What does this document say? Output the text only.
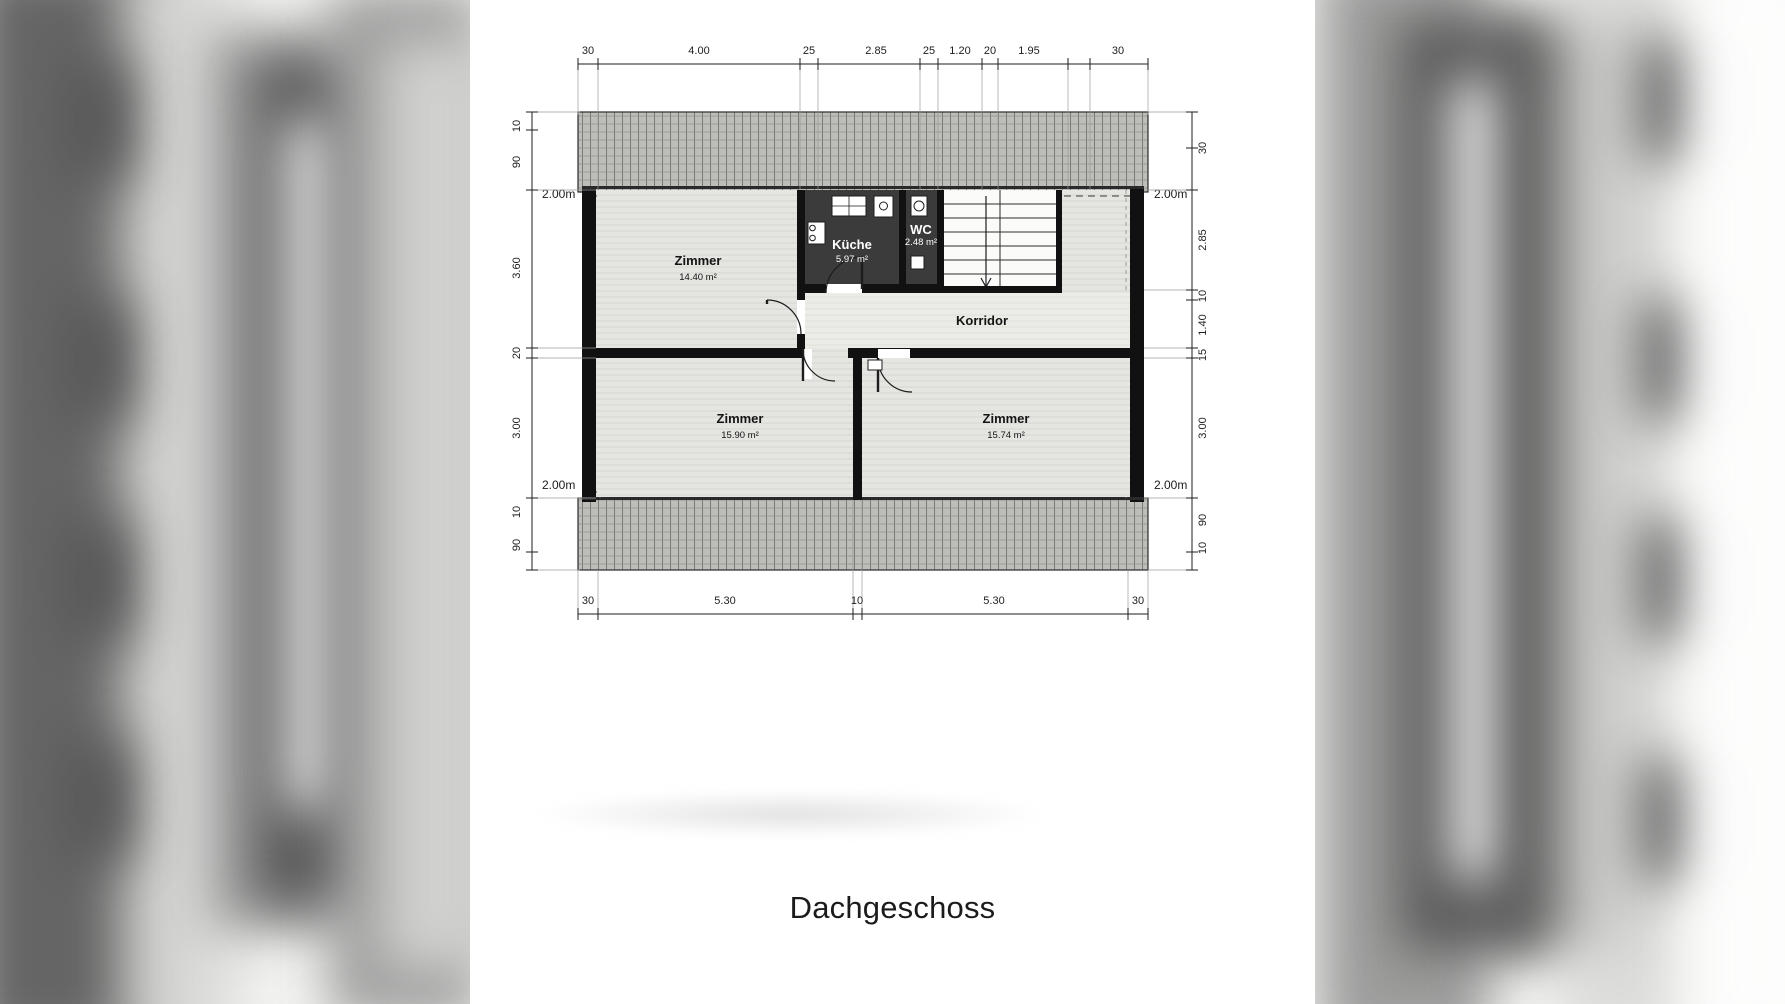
Zimmer
14.40 m²
Küche
5.97 m²
WC
2.48 m²
Korridor
Zimmer
15.90 m²
Zimmer
15.74 m²
2.00m	2.00m
2.00m	2.00m
30	4.00	25	2.85	25 1.20 20 1.95	30
30	5.30	10	5.30	30
10
90
3.60
20
3.00
10
90
30
2.85
10
1.40
15
3.00
90
10
Dachgeschoss
